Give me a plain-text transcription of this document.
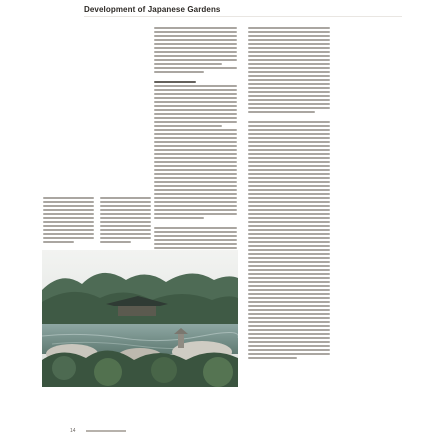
Development of Japanese Gardens
14
